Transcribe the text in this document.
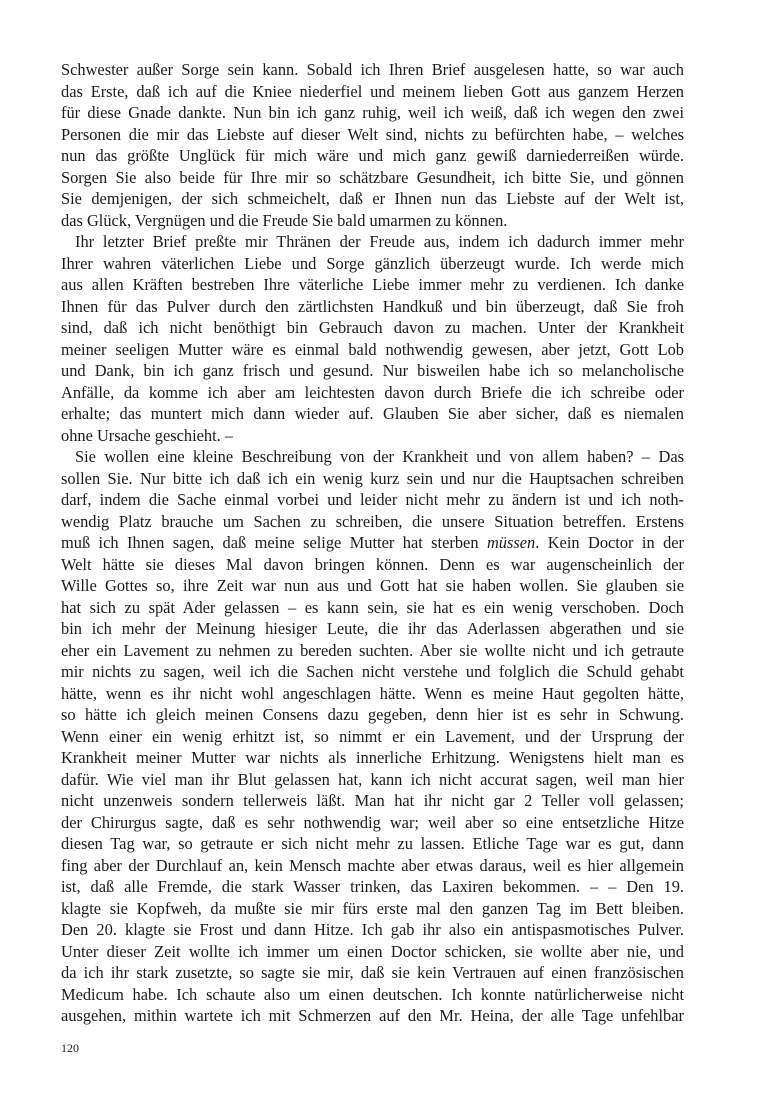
Schwester außer Sorge sein kann. Sobald ich Ihren Brief ausgelesen hatte, so war auch
das Erste, daß ich auf die Kniee niederfiel und meinem lieben Gott aus ganzem Herzen
für diese Gnade dankte. Nun bin ich ganz ruhig, weil ich weiß, daß ich wegen den zwei
Personen die mir das Liebste auf dieser Welt sind, nichts zu befürchten habe, – welches
nun das größte Unglück für mich wäre und mich ganz gewiß darniederreißen würde.
Sorgen Sie also beide für Ihre mir so schätzbare Gesundheit, ich bitte Sie, und gönnen
Sie demjenigen, der sich schmeichelt, daß er Ihnen nun das Liebste auf der Welt ist,
das Glück, Vergnügen und die Freude Sie bald umarmen zu können.
Ihr letzter Brief preßte mir Thränen der Freude aus, indem ich dadurch immer mehr
Ihrer wahren väterlichen Liebe und Sorge gänzlich überzeugt wurde. Ich werde mich
aus allen Kräften bestreben Ihre väterliche Liebe immer mehr zu verdienen. Ich danke
Ihnen für das Pulver durch den zärtlichsten Handkuß und bin überzeugt, daß Sie froh
sind, daß ich nicht benöthigt bin Gebrauch davon zu machen. Unter der Krankheit
meiner seeligen Mutter wäre es einmal bald nothwendig gewesen, aber jetzt, Gott Lob
und Dank, bin ich ganz frisch und gesund. Nur bisweilen habe ich so melancholische
Anfälle, da komme ich aber am leichtesten davon durch Briefe die ich schreibe oder
erhalte; das muntert mich dann wieder auf. Glauben Sie aber sicher, daß es niemalen
ohne Ursache geschieht. –
Sie wollen eine kleine Beschreibung von der Krankheit und von allem haben? – Das
sollen Sie. Nur bitte ich daß ich ein wenig kurz sein und nur die Hauptsachen schreiben
darf, indem die Sache einmal vorbei und leider nicht mehr zu ändern ist und ich noth-
wendig Platz brauche um Sachen zu schreiben, die unsere Situation betreffen. Erstens
muß ich Ihnen sagen, daß meine selige Mutter hat sterben müssen. Kein Doctor in der
Welt hätte sie dieses Mal davon bringen können. Denn es war augenscheinlich der
Wille Gottes so, ihre Zeit war nun aus und Gott hat sie haben wollen. Sie glauben sie
hat sich zu spät Ader gelassen – es kann sein, sie hat es ein wenig verschoben. Doch
bin ich mehr der Meinung hiesiger Leute, die ihr das Aderlassen abgerathen und sie
eher ein Lavement zu nehmen zu bereden suchten. Aber sie wollte nicht und ich getraute
mir nichts zu sagen, weil ich die Sachen nicht verstehe und folglich die Schuld gehabt
hätte, wenn es ihr nicht wohl angeschlagen hätte. Wenn es meine Haut gegolten hätte,
so hätte ich gleich meinen Consens dazu gegeben, denn hier ist es sehr in Schwung.
Wenn einer ein wenig erhitzt ist, so nimmt er ein Lavement, und der Ursprung der
Krankheit meiner Mutter war nichts als innerliche Erhitzung. Wenigstens hielt man es
dafür. Wie viel man ihr Blut gelassen hat, kann ich nicht accurat sagen, weil man hier
nicht unzenweis sondern tellerweis läßt. Man hat ihr nicht gar 2 Teller voll gelassen;
der Chirurgus sagte, daß es sehr nothwendig war; weil aber so eine entsetzliche Hitze
diesen Tag war, so getraute er sich nicht mehr zu lassen. Etliche Tage war es gut, dann
fing aber der Durchlauf an, kein Mensch machte aber etwas daraus, weil es hier allgemein
ist, daß alle Fremde, die stark Wasser trinken, das Laxiren bekommen. – – Den 19.
klagte sie Kopfweh, da mußte sie mir fürs erste mal den ganzen Tag im Bett bleiben.
Den 20. klagte sie Frost und dann Hitze. Ich gab ihr also ein antispasmotisches Pulver.
Unter dieser Zeit wollte ich immer um einen Doctor schicken, sie wollte aber nie, und
da ich ihr stark zusetzte, so sagte sie mir, daß sie kein Vertrauen auf einen französischen
Medicum habe. Ich schaute also um einen deutschen. Ich konnte natürlicherweise nicht
ausgehen, mithin wartete ich mit Schmerzen auf den Mr. Heina, der alle Tage unfehlbar
120
